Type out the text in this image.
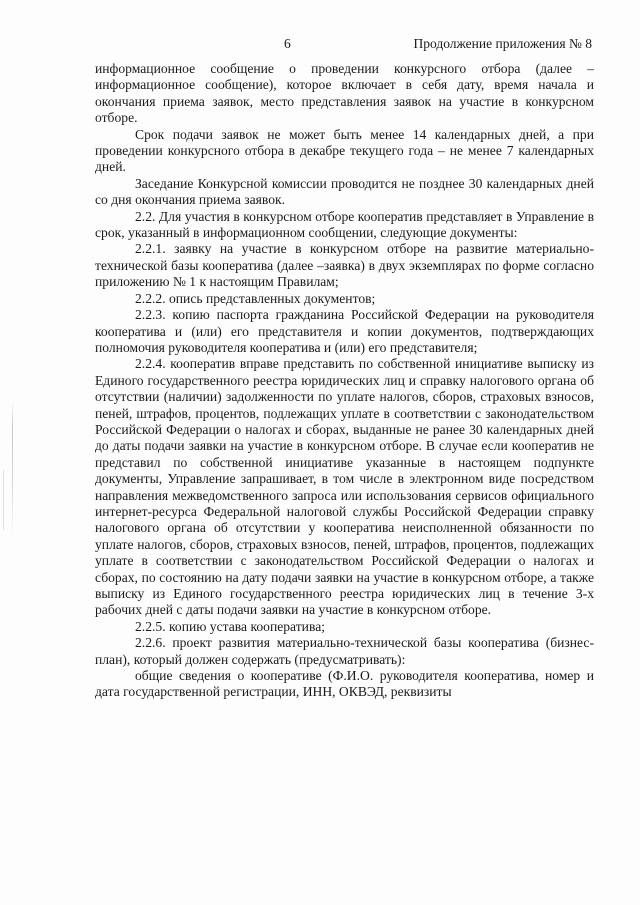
6	Продолжение приложения № 8

информационное сообщение о проведении конкурсного отбора (далее – информационное сообщение), которое включает в себя дату, время начала и окончания приема заявок, место представления заявок на участие в конкурсном отборе.

Срок подачи заявок не может быть менее 14 календарных дней, а при проведении конкурсного отбора в декабре текущего года – не менее 7 календарных дней.

Заседание Конкурсной комиссии проводится не позднее 30 календарных дней со дня окончания приема заявок.

2.2. Для участия в конкурсном отборе кооператив представляет в Управление в срок, указанный в информационном сообщении, следующие документы:

2.2.1. заявку на участие в конкурсном отборе на развитие материально-технической базы кооператива (далее –заявка) в двух экземплярах по форме согласно приложению № 1 к настоящим Правилам;

2.2.2. опись представленных документов;

2.2.3. копию паспорта гражданина Российской Федерации на руководителя кооператива и (или) его представителя и копии документов, подтверждающих полномочия руководителя кооператива и (или) его представителя;

2.2.4. кооператив вправе представить по собственной инициативе выписку из Единого государственного реестра юридических лиц и справку налогового органа об отсутствии (наличии) задолженности по уплате налогов, сборов, страховых взносов, пеней, штрафов, процентов, подлежащих уплате в соответствии с законодательством Российской Федерации о налогах и сборах, выданные не ранее 30 календарных дней до даты подачи заявки на участие в конкурсном отборе. В случае если кооператив не представил по собственной инициативе указанные в настоящем подпункте документы, Управление запрашивает, в том числе в электронном виде посредством направления межведомственного запроса или использования сервисов официального интернет-ресурса Федеральной налоговой службы Российской Федерации справку налогового органа об отсутствии у кооператива неисполненной обязанности по уплате налогов, сборов, страховых взносов, пеней, штрафов, процентов, подлежащих уплате в соответствии с законодательством Российской Федерации о налогах и сборах, по состоянию на дату подачи заявки на участие в конкурсном отборе, а также выписку из Единого государственного реестра юридических лиц в течение 3-х рабочих дней с даты подачи заявки на участие в конкурсном отборе.

2.2.5. копию устава кооператива;

2.2.6. проект развития материально-технической базы кооператива (бизнес-план), который должен содержать (предусматривать):

общие сведения о кооперативе (Ф.И.О. руководителя кооператива, номер и дата государственной регистрации, ИНН, ОКВЭД, реквизиты
